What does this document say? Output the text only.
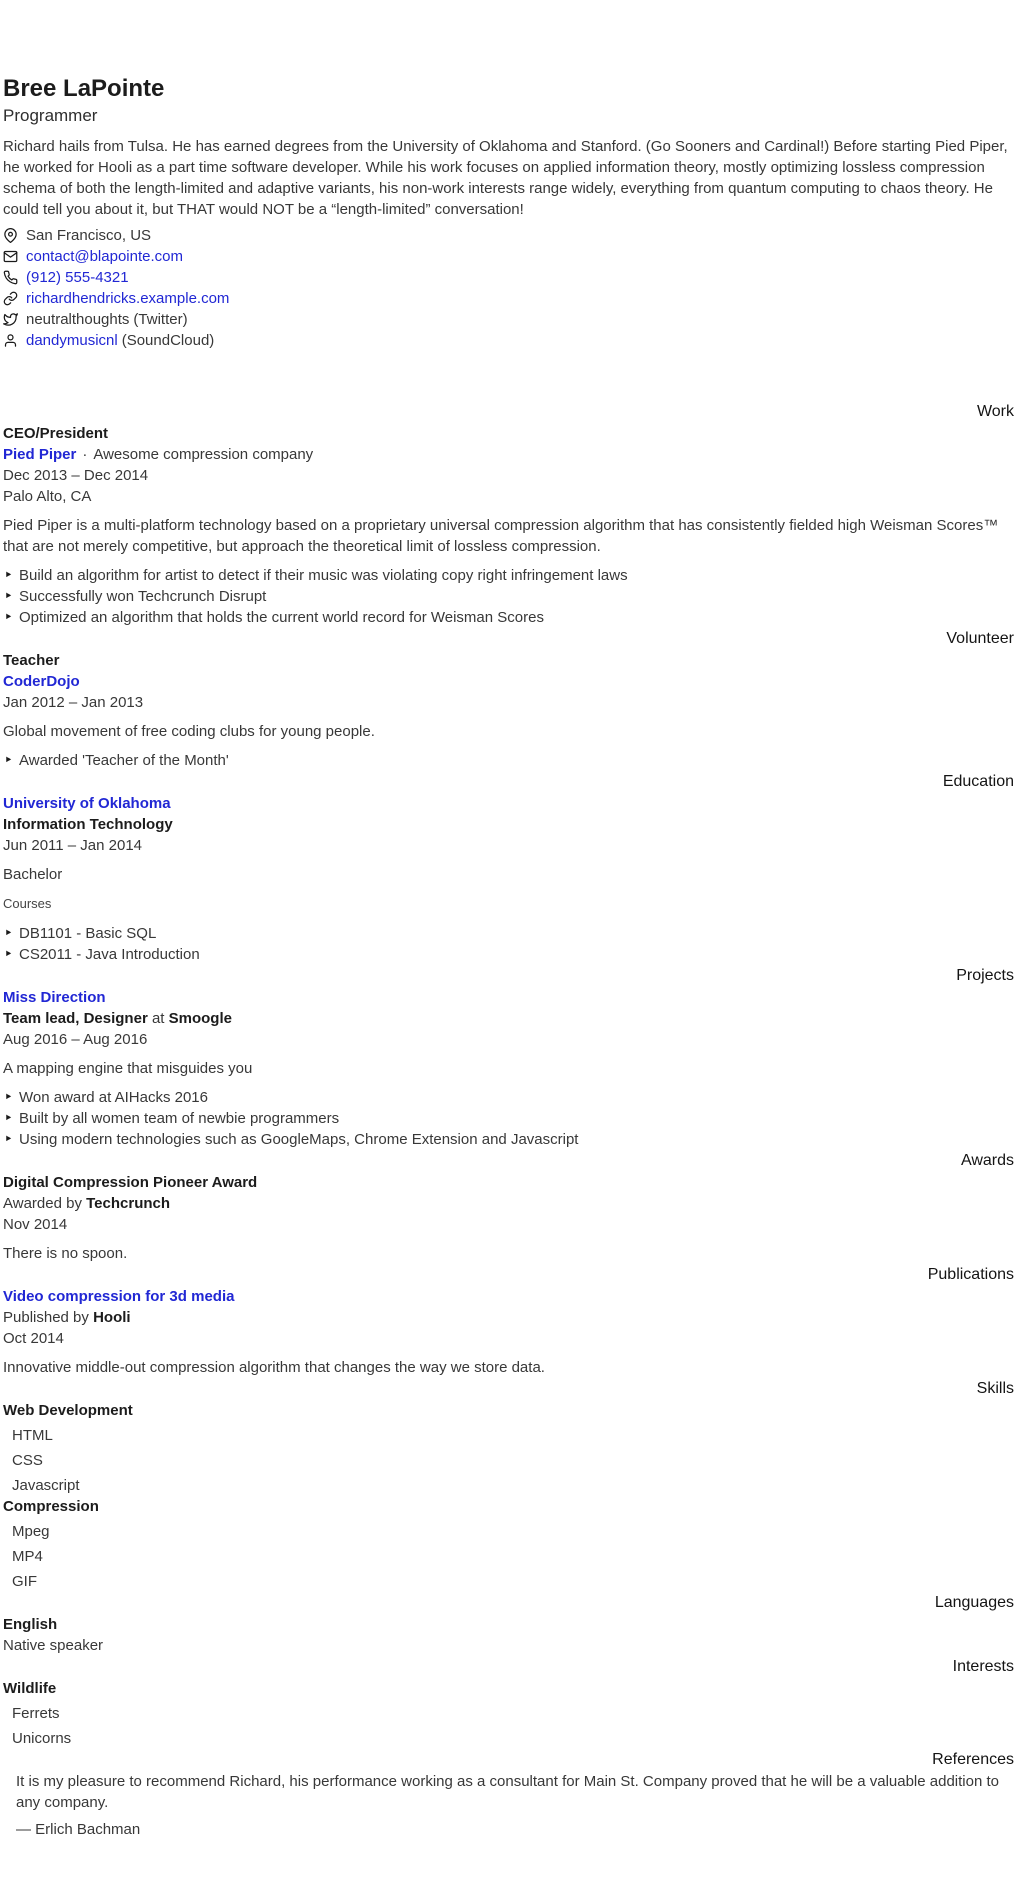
Bree LaPointe

Programmer

Richard hails from Tulsa. He has earned degrees from the University of Oklahoma and Stanford. (Go Sooners and Cardinal!) Before starting Pied Piper, he worked for Hooli as a part time software developer. While his work focuses on applied information theory, mostly optimizing lossless compression schema of both the length-limited and adaptive variants, his non-work interests range widely, everything from quantum computing to chaos theory. He could tell you about it, but THAT would NOT be a “length-limited” conversation!

San Francisco, US
contact@blapointe.com
(912) 555-4321
richardhendricks.example.com
neutralthoughts (Twitter)
dandymusicnl (SoundCloud)
Work
CEO/President

Pied Piper · Awesome compression company

Dec 2013 – Dec 2014

Palo Alto, CA

Pied Piper is a multi-platform technology based on a proprietary universal compression algorithm that has consistently fielded high Weisman Scores™ that are not merely competitive, but approach the theoretical limit of lossless compression.

‣ Build an algorithm for artist to detect if their music was violating copy right infringement laws
‣ Successfully won Techcrunch Disrupt
‣ Optimized an algorithm that holds the current world record for Weisman Scores
Volunteer
Teacher

CoderDojo

Jan 2012 – Jan 2013

Global movement of free coding clubs for young people.

‣ Awarded 'Teacher of the Month'
Education

University of Oklahoma

Information Technology

Jun 2011 – Jan 2014

Bachelor

Courses

‣ DB1101 - Basic SQL
‣ CS2011 - Java Introduction
Projects

Miss Direction

Team lead, Designer at Smoogle

Aug 2016 – Aug 2016

A mapping engine that misguides you

‣ Won award at AIHacks 2016
‣ Built by all women team of newbie programmers
‣ Using modern technologies such as GoogleMaps, Chrome Extension and Javascript
Awards
Digital Compression Pioneer Award

Awarded by Techcrunch

Nov 2014

There is no spoon.

Publications

Video compression for 3d media

Published by Hooli

Oct 2014

Innovative middle-out compression algorithm that changes the way we store data.

Skills
Web Development
HTML
CSS
Javascript
Compression
Mpeg
MP4
GIF
Languages
English

Native speaker

Interests
Wildlife
Ferrets
Unicorns
References
It is my pleasure to recommend Richard, his performance working as a consultant for Main St. Company proved that he will be a valuable addition to any company.

— Erlich Bachman
